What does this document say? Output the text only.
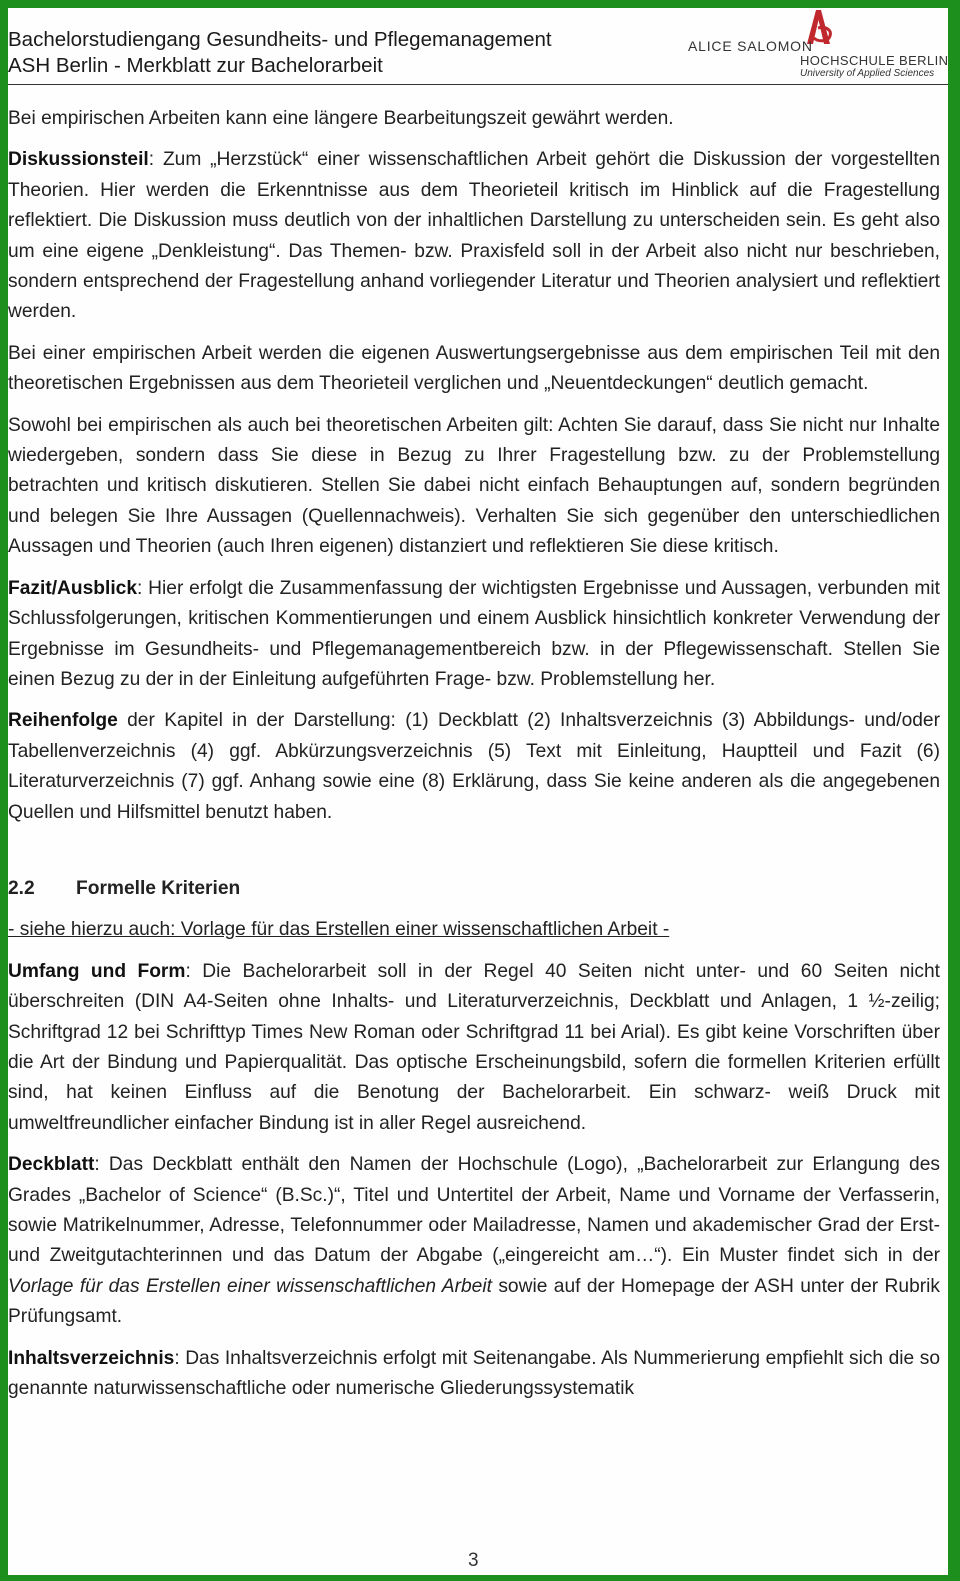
Bachelorstudiengang Gesundheits- und Pflegemanagement
ASH Berlin - Merkblatt zur Bachelorarbeit
ALICE SALOMON
HOCHSCHULE BERLIN
University of Applied Sciences

Bei empirischen Arbeiten kann eine längere Bearbeitungszeit gewährt werden.

Diskussionsteil: Zum „Herzstück“ einer wissenschaftlichen Arbeit gehört die Diskussion der vorgestellten Theorien. Hier werden die Erkenntnisse aus dem Theorieteil kritisch im Hinblick auf die Fragestellung reflektiert. Die Diskussion muss deutlich von der inhaltlichen Darstellung zu unterscheiden sein. Es geht also um eine eigene „Denkleistung“. Das Themen- bzw. Praxisfeld soll in der Arbeit also nicht nur beschrieben, sondern entsprechend der Fragestellung anhand vorliegender Literatur und Theorien analysiert und reflektiert werden.

Bei einer empirischen Arbeit werden die eigenen Auswertungsergebnisse aus dem empirischen Teil mit den theoretischen Ergebnissen aus dem Theorieteil verglichen und „Neuentdeckungen“ deutlich gemacht.

Sowohl bei empirischen als auch bei theoretischen Arbeiten gilt: Achten Sie darauf, dass Sie nicht nur Inhalte wiedergeben, sondern dass Sie diese in Bezug zu Ihrer Fragestellung bzw. zu der Problemstellung betrachten und kritisch diskutieren. Stellen Sie dabei nicht einfach Behauptungen auf, sondern begründen und belegen Sie Ihre Aussagen (Quellennachweis). Verhalten Sie sich gegenüber den unterschiedlichen Aussagen und Theorien (auch Ihren eigenen) distanziert und reflektieren Sie diese kritisch.

Fazit/Ausblick: Hier erfolgt die Zusammenfassung der wichtigsten Ergebnisse und Aussagen, verbunden mit Schlussfolgerungen, kritischen Kommentierungen und einem Ausblick hinsichtlich konkreter Verwendung der Ergebnisse im Gesundheits- und Pflegemanagementbereich bzw. in der Pflegewissenschaft. Stellen Sie einen Bezug zu der in der Einleitung aufgeführten Frage- bzw. Problemstellung her.

Reihenfolge der Kapitel in der Darstellung: (1) Deckblatt (2) Inhaltsverzeichnis (3) Abbildungs- und/oder Tabellenverzeichnis (4) ggf. Abkürzungsverzeichnis (5) Text mit Einleitung, Hauptteil und Fazit (6) Literaturverzeichnis (7) ggf. Anhang sowie eine (8) Erklärung, dass Sie keine anderen als die angegebenen Quellen und Hilfsmittel benutzt haben.

2.2	Formelle Kriterien

- siehe hierzu auch: Vorlage für das Erstellen einer wissenschaftlichen Arbeit -

Umfang und Form: Die Bachelorarbeit soll in der Regel 40 Seiten nicht unter- und 60 Seiten nicht überschreiten (DIN A4-Seiten ohne Inhalts- und Literaturverzeichnis, Deckblatt und Anlagen, 1 ½-zeilig; Schriftgrad 12 bei Schrifttyp Times New Roman oder Schriftgrad 11 bei Arial). Es gibt keine Vorschriften über die Art der Bindung und Papierqualität. Das optische Erscheinungsbild, sofern die formellen Kriterien erfüllt sind, hat keinen Einfluss auf die Benotung der Bachelorarbeit. Ein schwarz- weiß Druck mit umweltfreundlicher einfacher Bindung ist in aller Regel ausreichend.

Deckblatt: Das Deckblatt enthält den Namen der Hochschule (Logo), „Bachelorarbeit zur Erlangung des Grades „Bachelor of Science“ (B.Sc.)“, Titel und Untertitel der Arbeit, Name und Vorname der Verfasserin, sowie Matrikelnummer, Adresse, Telefonnummer oder Mailadresse, Namen und akademischer Grad der Erst- und Zweitgutachterinnen und das Datum der Abgabe („eingereicht am…“). Ein Muster findet sich in der Vorlage für das Erstellen einer wissenschaftlichen Arbeit sowie auf der Homepage der ASH unter der Rubrik Prüfungsamt.

Inhaltsverzeichnis: Das Inhaltsverzeichnis erfolgt mit Seitenangabe. Als Nummerierung empfiehlt sich die so genannte naturwissenschaftliche oder numerische Gliederungssystematik

3
